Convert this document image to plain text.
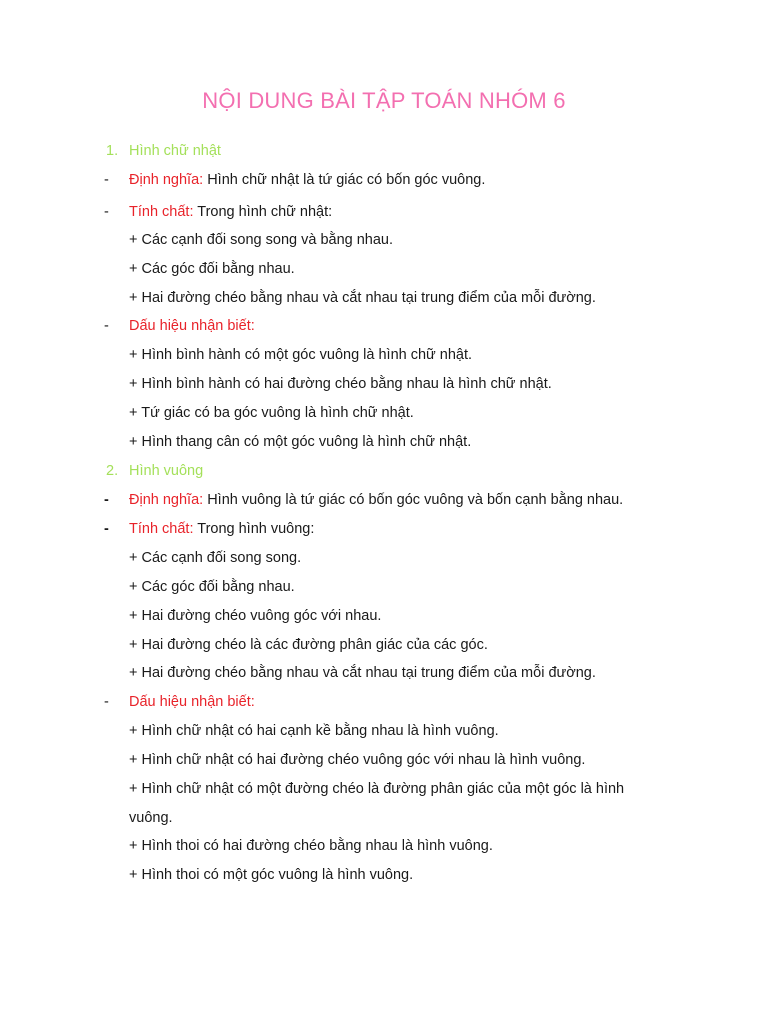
NỘI DUNG BÀI TẬP TOÁN NHÓM 6
1. Hình chữ nhật
- Định nghĩa: Hình chữ nhật là tứ giác có bốn góc vuông.
- Tính chất: Trong hình chữ nhật:
+ Các cạnh đối song song và bằng nhau.
+ Các góc đối bằng nhau.
+ Hai đường chéo bằng nhau và cắt nhau tại trung điểm của mỗi đường.
- Dấu hiệu nhận biết:
+ Hình bình hành có một góc vuông là hình chữ nhật.
+ Hình bình hành có hai đường chéo bằng nhau là hình chữ nhật.
+ Tứ giác có ba góc vuông là hình chữ nhật.
+ Hình thang cân có một góc vuông là hình chữ nhật.
2. Hình vuông
- Định nghĩa: Hình vuông là tứ giác có bốn góc vuông và bốn cạnh bằng nhau.
- Tính chất: Trong hình vuông:
+ Các cạnh đối song song.
+ Các góc đối bằng nhau.
+ Hai đường chéo vuông góc với nhau.
+ Hai đường chéo là các đường phân giác của các góc.
+ Hai đường chéo bằng nhau và cắt nhau tại trung điểm của mỗi đường.
- Dấu hiệu nhận biết:
+ Hình chữ nhật có hai cạnh kề bằng nhau là hình vuông.
+ Hình chữ nhật có hai đường chéo vuông góc với nhau là hình vuông.
+ Hình chữ nhật có một đường chéo là đường phân giác của một góc là hình
vuông.
+ Hình thoi có hai đường chéo bằng nhau là hình vuông.
+ Hình thoi có một góc vuông là hình vuông.
